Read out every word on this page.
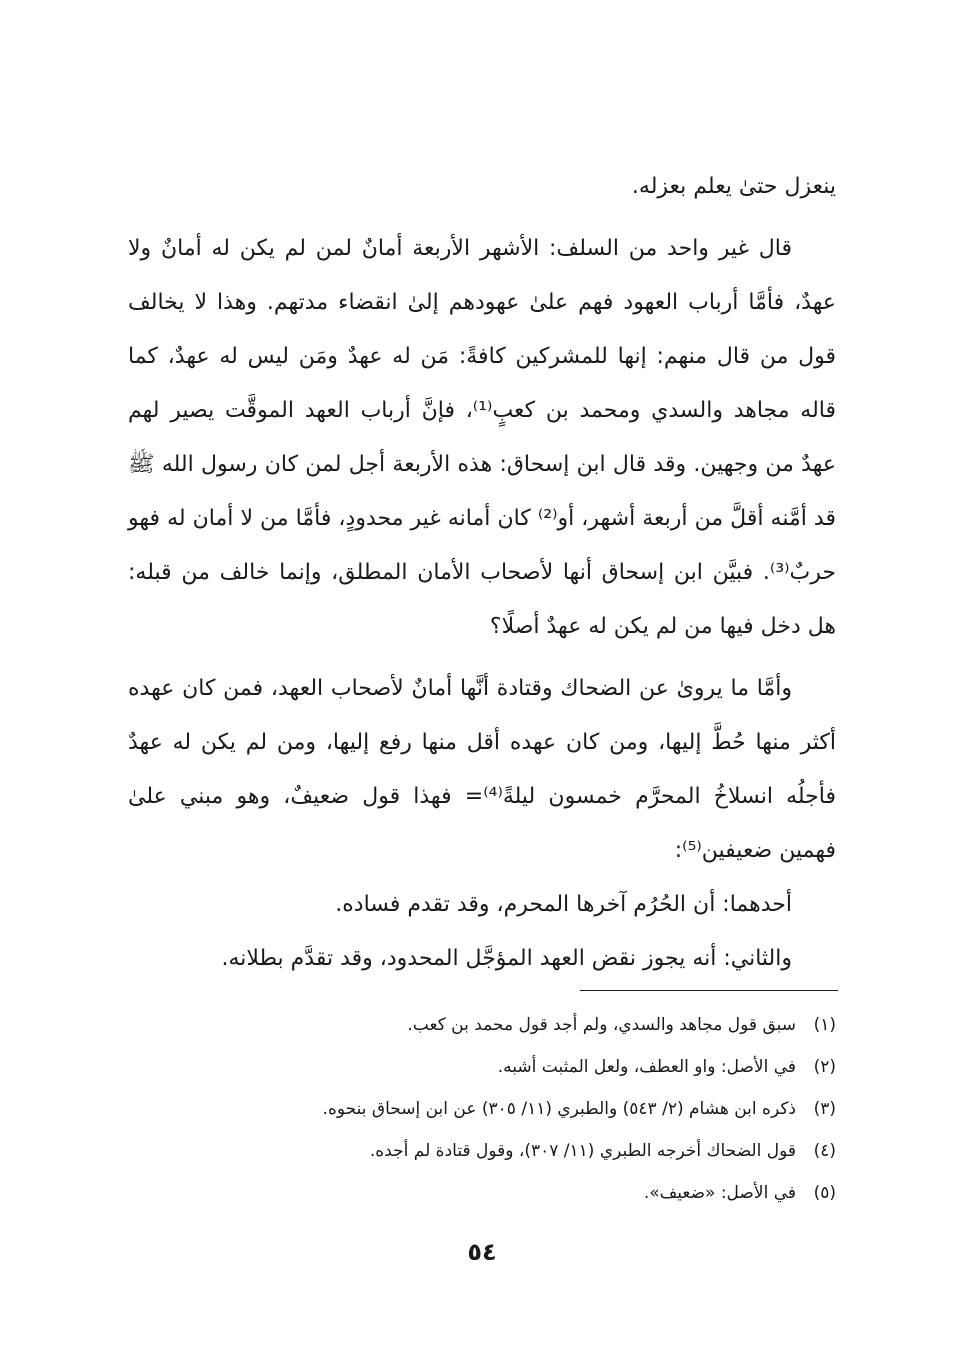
ينعزل حتىٰ يعلم بعزله.

قال غير واحد من السلف: الأشهر الأربعة أمانٌ لمن لم يكن له أمانٌ ولا عهدٌ، فأمَّا أرباب العهود فهم علىٰ عهودهم إلىٰ انقضاء مدتهم. وهذا لا يخالف قول من قال منهم: إنها للمشركين كافةً: مَن له عهدٌ ومَن ليس له عهدٌ، كما قاله مجاهد والسدي ومحمد بن كعبٍ⁽¹⁾، فإنَّ أرباب العهد الموقَّت يصير لهم عهدٌ من وجهين. وقد قال ابن إسحاق: هذه الأربعة أجل لمن كان رسول الله ﷺ قد أمَّنه أقلَّ من أربعة أشهر، أو⁽²⁾ كان أمانه غير محدودٍ، فأمَّا من لا أمان له فهو حربٌ⁽³⁾. فبيَّن ابن إسحاق أنها لأصحاب الأمان المطلق، وإنما خالف من قبله: هل دخل فيها من لم يكن له عهدٌ أصلًا؟

وأمَّا ما يروىٰ عن الضحاك وقتادة أنَّها أمانٌ لأصحاب العهد، فمن كان عهده أكثر منها حُطَّ إليها، ومن كان عهده أقل منها رفع إليها، ومن لم يكن له عهدٌ فأجلُه انسلاخُ المحرَّم خمسون ليلةً⁽⁴⁾= فهذا قول ضعيفٌ، وهو مبني علىٰ فهمين ضعيفين⁽⁵⁾:

أحدهما: أن الحُرُم آخرها المحرم، وقد تقدم فساده.

والثاني: أنه يجوز نقض العهد المؤجَّل المحدود، وقد تقدَّم بطلانه.

(١)
سبق قول مجاهد والسدي، ولم أجد قول محمد بن كعب.
(٢)
في الأصل: واو العطف، ولعل المثبت أشبه.
(٣)
ذكره ابن هشام (٢/ ٥٤٣) والطبري (١١/ ٣٠٥) عن ابن إسحاق بنحوه.
(٤)
قول الضحاك أخرجه الطبري (١١/ ٣٠٧)، وقول قتادة لم أجده.
(٥)
في الأصل: «ضعيف».
٥٤
